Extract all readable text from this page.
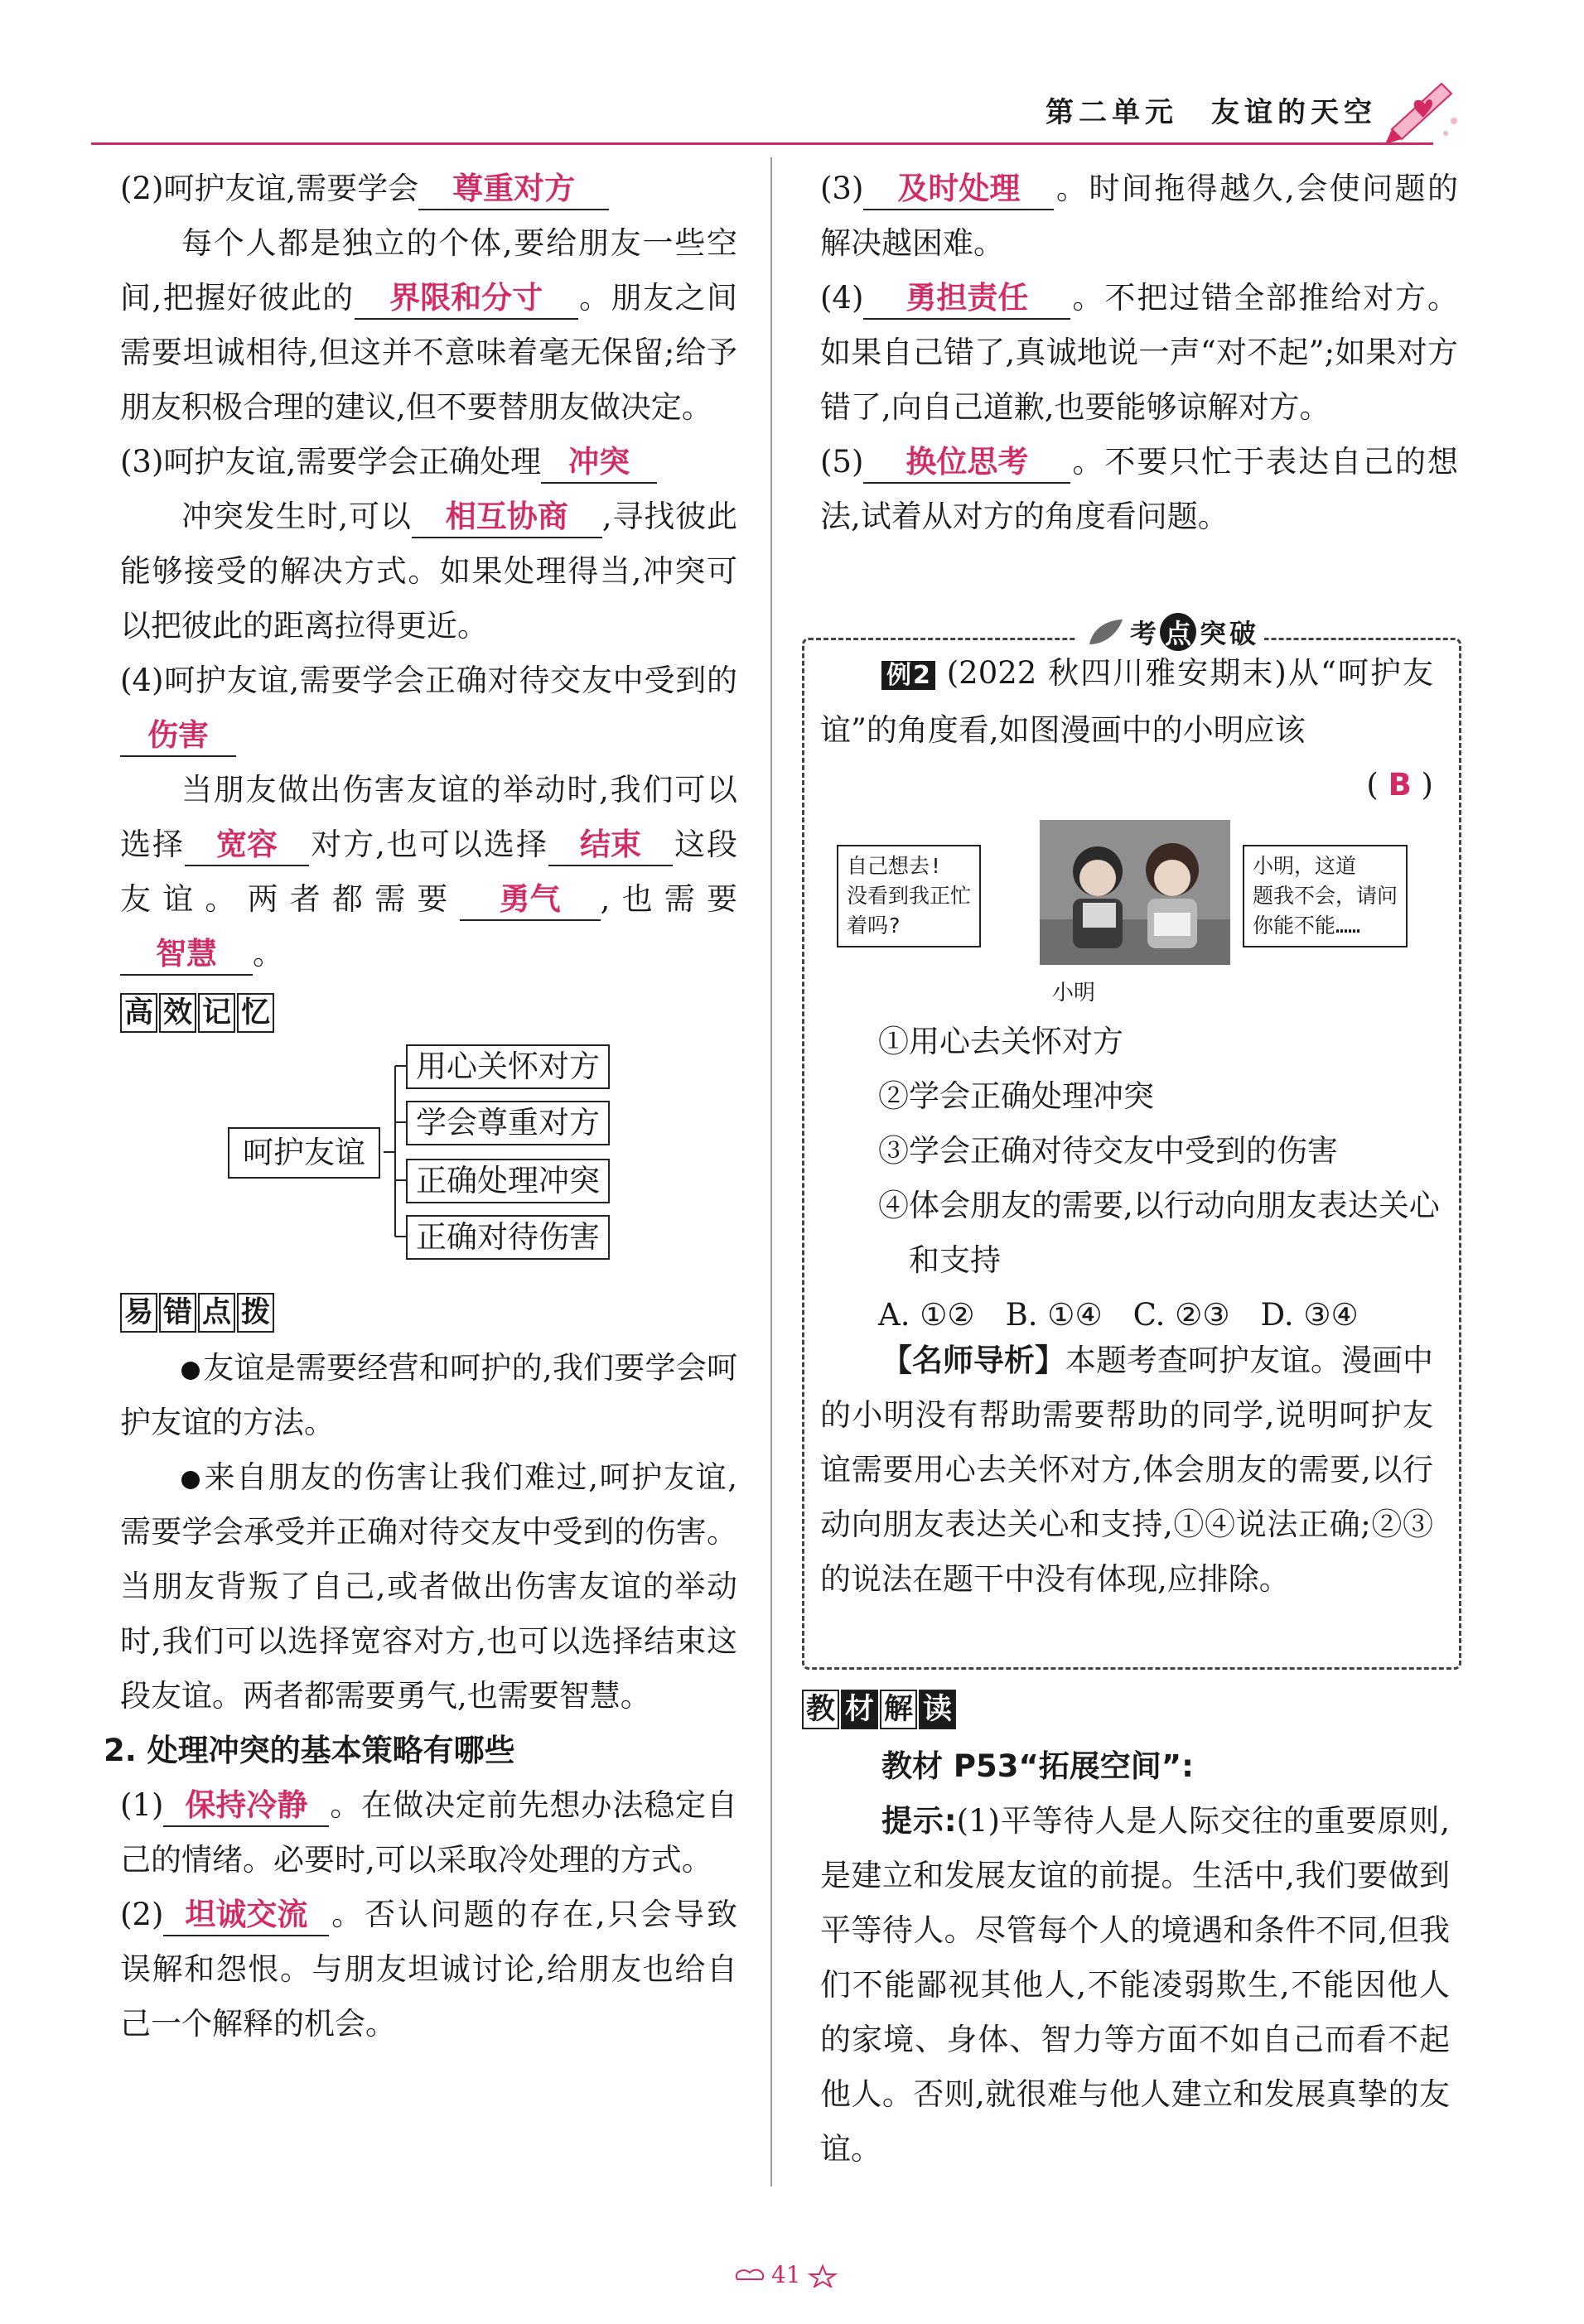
第二单元　友谊的天空

(2)呵护友谊,需要学会 尊重对方

每个人都是独立的个体,要给朋友一些空间,把握好彼此的 界限和分寸 。朋友之间需要坦诚相待,但这并不意味着毫无保留;给予朋友积极合理的建议,但不要替朋友做决定。

(3)呵护友谊,需要学会正确处理 冲突

冲突发生时,可以 相互协商 ,寻找彼此能够接受的解决方式。如果处理得当,冲突可以把彼此的距离拉得更近。

(4)呵护友谊,需要学会正确对待交友中受到的伤害

当朋友做出伤害友谊的举动时,我们可以选择 宽容 对方,也可以选择 结束 这段友谊。两者都需要 勇气 ,也需要智慧 。

高 效 记 忆
呵护友谊
用心关怀对方
学会尊重对方
正确处理冲突
正确对待伤害
易 错 点 拨

友谊是需要经营和呵护的,我们要学会呵护友谊的方法。

来自朋友的伤害让我们难过,呵护友谊,需要学会承受并正确对待交友中受到的伤害。当朋友背叛了自己,或者做出伤害友谊的举动时,我们可以选择宽容对方,也可以选择结束这段友谊。两者都需要勇气,也需要智慧。

2. 处理冲突的基本策略有哪些

(1) 保持冷静 。在做决定前先想办法稳定自己的情绪。必要时,可以采取冷处理的方式。

(2) 坦诚交流 。否认问题的存在,只会导致误解和怨恨。与朋友坦诚讨论,给朋友也给自己一个解释的机会。

(3) 及时处理 。时间拖得越久,会使问题的解决越困难。

(4) 勇担责任 。不把过错全部推给对方。如果自己错了,真诚地说一声“对不起”;如果对方错了,向自己道歉,也要能够谅解对方。

(5) 换位思考 。不要只忙于表达自己的想法,试着从对方的角度看问题。

考 点 突 破

例2 (2022 秋四川雅安期末)从“呵护友谊”的角度看,如图漫画中的小明应该

( B )

自己想去!
没看到我正忙
着吗?
小明，这道
题我不会，请问
你能不能……
小明
①用心去关怀对方
②学会正确处理冲突
③学会正确对待交友中受到的伤害
④体会朋友的需要,以行动向朋友表达关心和支持
A. ①②　B. ①④　C. ②③　D. ③④

【名师导析】本题考查呵护友谊。漫画中的小明没有帮助需要帮助的同学,说明呵护友谊需要用心去关怀对方,体会朋友的需要,以行动向朋友表达关心和支持,①④说法正确;②③的说法在题干中没有体现,应排除。

教 材 解 读

教材 P53“拓展空间”:

提示:(1)平等待人是人际交往的重要原则,是建立和发展友谊的前提。生活中,我们要做到平等待人。尽管每个人的境遇和条件不同,但我们不能鄙视其他人,不能凌弱欺生,不能因他人的家境、身体、智力等方面不如自己而看不起他人。否则,就很难与他人建立和发展真挚的友谊。

41
